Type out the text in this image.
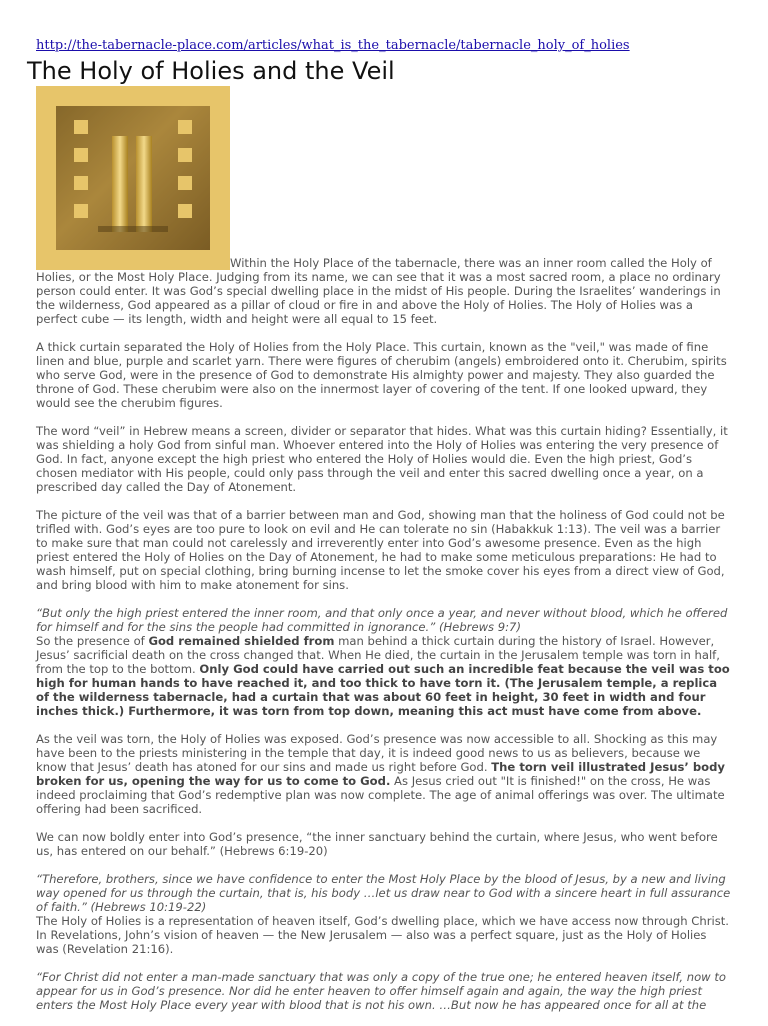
http://the-tabernacle-place.com/articles/what_is_the_tabernacle/tabernacle_holy_of_holies
The Holy of Holies and the Veil

Within the Holy Place of the tabernacle, there was an inner room called the Holy of Holies, or the Most Holy Place. Judging from its name, we can see that it was a most sacred room, a place no ordinary person could enter. It was God’s special dwelling place in the midst of His people. During the Israelites’ wanderings in the wilderness, God appeared as a pillar of cloud or fire in and above the Holy of Holies. The Holy of Holies was a perfect cube — its length, width and height were all equal to 15 feet.

A thick curtain separated the Holy of Holies from the Holy Place. This curtain, known as the "veil," was made of fine linen and blue, purple and scarlet yarn. There were figures of cherubim (angels) embroidered onto it. Cherubim, spirits who serve God, were in the presence of God to demonstrate His almighty power and majesty. They also guarded the throne of God. These cherubim were also on the innermost layer of covering of the tent. If one looked upward, they would see the cherubim figures.

The word “veil” in Hebrew means a screen, divider or separator that hides. What was this curtain hiding? Essentially, it was shielding a holy God from sinful man. Whoever entered into the Holy of Holies was entering the very presence of God. In fact, anyone except the high priest who entered the Holy of Holies would die. Even the high priest, God’s chosen mediator with His people, could only pass through the veil and enter this sacred dwelling once a year, on a prescribed day called the Day of Atonement.

The picture of the veil was that of a barrier between man and God, showing man that the holiness of God could not be trifled with. God’s eyes are too pure to look on evil and He can tolerate no sin (Habakkuk 1:13). The veil was a barrier to make sure that man could not carelessly and irreverently enter into God’s awesome presence. Even as the high priest entered the Holy of Holies on the Day of Atonement, he had to make some meticulous preparations: He had to wash himself, put on special clothing, bring burning incense to let the smoke cover his eyes from a direct view of God, and bring blood with him to make atonement for sins.

“But only the high priest entered the inner room, and that only once a year, and never without blood, which he offered for himself and for the sins the people had committed in ignorance.” (Hebrews 9:7)

So the presence of God remained shielded from man behind a thick curtain during the history of Israel. However, Jesus’ sacrificial death on the cross changed that. When He died, the curtain in the Jerusalem temple was torn in half, from the top to the bottom. Only God could have carried out such an incredible feat because the veil was too high for human hands to have reached it, and too thick to have torn it. (The Jerusalem temple, a replica of the wilderness tabernacle, had a curtain that was about 60 feet in height, 30 feet in width and four inches thick.) Furthermore, it was torn from top down, meaning this act must have come from above.

As the veil was torn, the Holy of Holies was exposed. God’s presence was now accessible to all. Shocking as this may have been to the priests ministering in the temple that day, it is indeed good news to us as believers, because we know that Jesus’ death has atoned for our sins and made us right before God. The torn veil illustrated Jesus’ body broken for us, opening the way for us to come to God. As Jesus cried out "It is finished!" on the cross, He was indeed proclaiming that God’s redemptive plan was now complete. The age of animal offerings was over. The ultimate offering had been sacrificed.

We can now boldly enter into God’s presence, “the inner sanctuary behind the curtain, where Jesus, who went before us, has entered on our behalf.” (Hebrews 6:19-20)

“Therefore, brothers, since we have confidence to enter the Most Holy Place by the blood of Jesus, by a new and living way opened for us through the curtain, that is, his body …let us draw near to God with a sincere heart in full assurance of faith.” (Hebrews 10:19-22)

The Holy of Holies is a representation of heaven itself, God’s dwelling place, which we have access now through Christ. In Revelations, John’s vision of heaven — the New Jerusalem — also was a perfect square, just as the Holy of Holies was (Revelation 21:16).

“For Christ did not enter a man-made sanctuary that was only a copy of the true one; he entered heaven itself, now to appear for us in God’s presence. Nor did he enter heaven to offer himself again and again, the way the high priest enters the Most Holy Place every year with blood that is not his own. …But now he has appeared once for all at the
